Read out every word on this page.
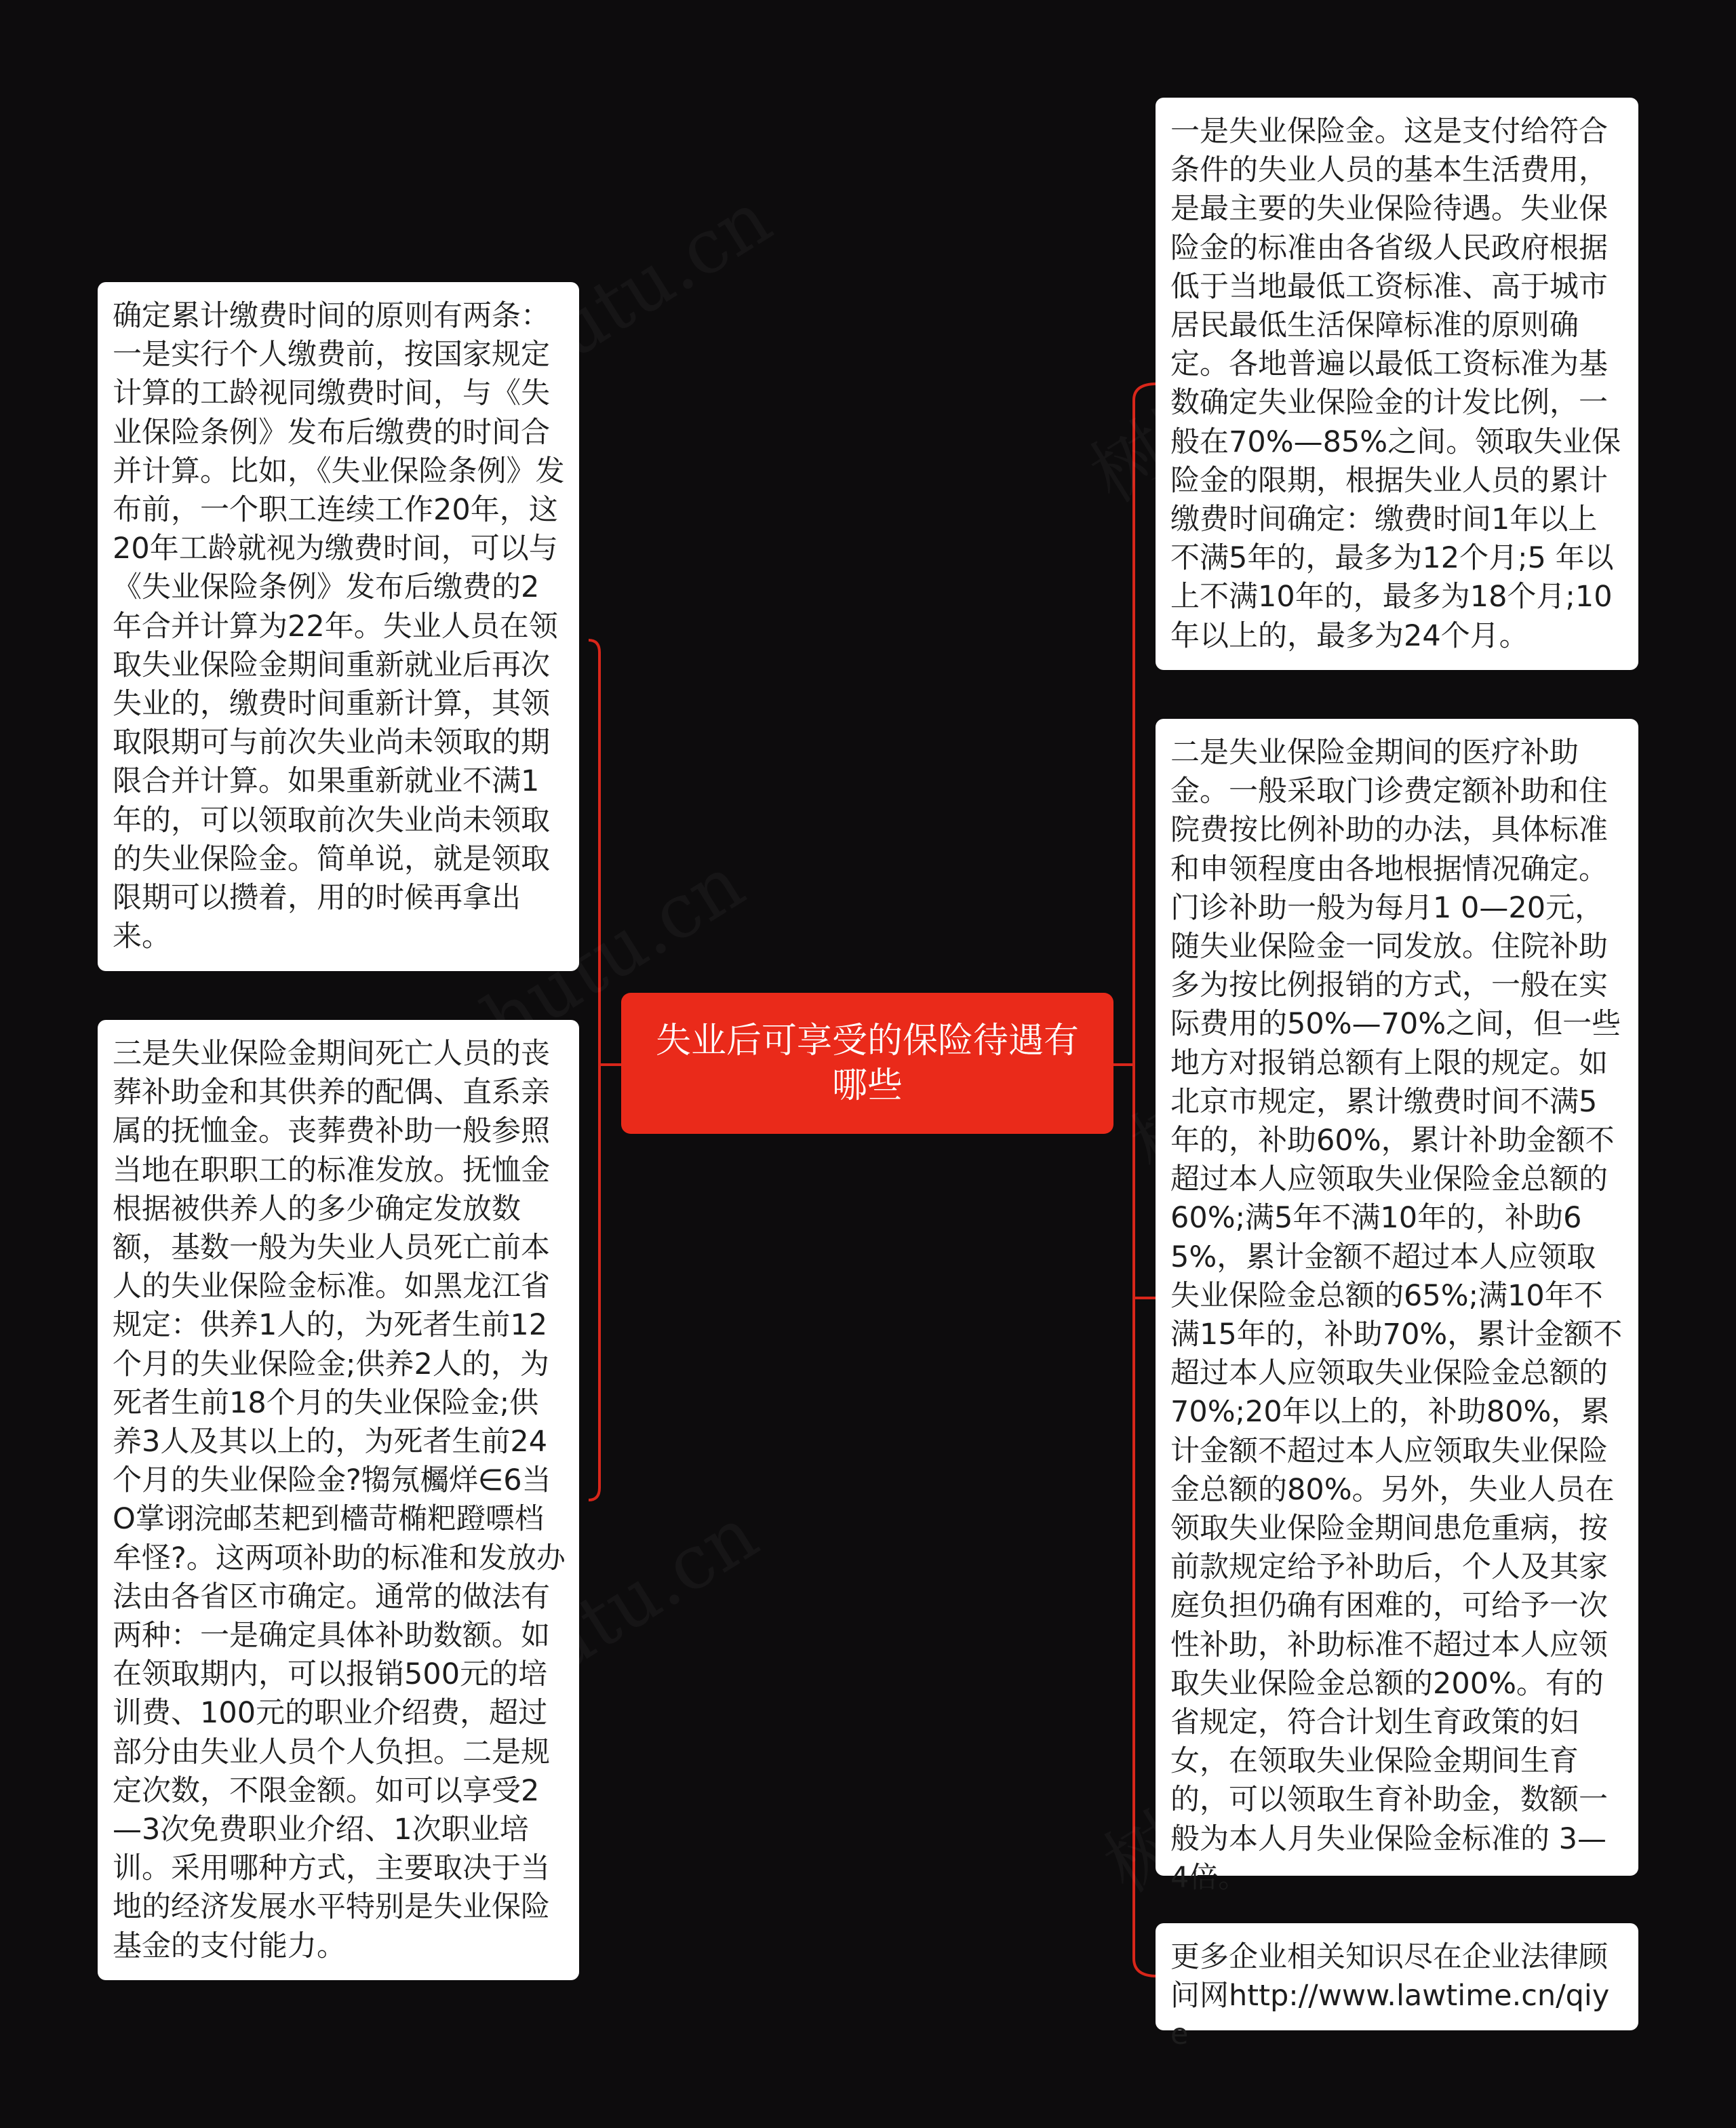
失业后可享受的保险待遇有哪些
确定累计缴费时间的原则有两条：一是实行个人缴费前，按国家规定计算的工龄视同缴费时间，与《失业保险条例》发布后缴费的时间合并计算。比如，《失业保险条例》发布前，一个职工连续工作20年，这20年工龄就视为缴费时间，可以与《失业保险条例》发布后缴费的2年合并计算为22年。失业人员在领取失业保险金期间重新就业后再次失业的，缴费时间重新计算，其领取限期可与前次失业尚未领取的期限合并计算。如果重新就业不满1年的，可以领取前次失业尚未领取的失业保险金。简单说，就是领取限期可以攒着，用的时候再拿出来。
三是失业保险金期间死亡人员的丧葬补助金和其供养的配偶、直系亲属的抚恤金。丧葬费补助一般参照当地在职职工的标准发放。抚恤金根据被供养人的多少确定发放数额，基数一般为失业人员死亡前本人的失业保险金标准。如黑龙江省规定：供养1人的，为死者生前12个月的失业保险金;供养2人的，为死者生前18个月的失业保险金;供养3人及其以上的，为死者生前24个月的失业保险金?犓氖欘烊∈6当O掌诩浣邮苤耙到檣苛椭粑蹬嘌档牟怪?。这两项补助的标准和发放办法由各省区市确定。通常的做法有两种：一是确定具体补助数额。如在领取期内，可以报销500元的培训费、100元的职业介绍费，超过部分由失业人员个人负担。二是规定次数，不限金额。如可以享受2—3次免费职业介绍、1次职业培训。采用哪种方式，主要取决于当地的经济发展水平特别是失业保险基金的支付能力。
一是失业保险金。这是支付给符合条件的失业人员的基本生活费用，是最主要的失业保险待遇。失业保险金的标准由各省级人民政府根据低于当地最低工资标准、高于城市居民最低生活保障标准的原则确定。各地普遍以最低工资标准为基数确定失业保险金的计发比例，一般在70%—85%之间。领取失业保险金的限期，根据失业人员的累计缴费时间确定：缴费时间1年以上不满5年的，最多为12个月;5 年以上不满10年的，最多为18个月;10年以上的，最多为24个月。
二是失业保险金期间的医疗补助金。一般采取门诊费定额补助和住院费按比例补助的办法，具体标准和申领程度由各地根据情况确定。门诊补助一般为每月1 0—20元，随失业保险金一同发放。住院补助多为按比例报销的方式，一般在实际费用的50%—70%之间，但一些地方对报销总额有上限的规定。如北京市规定，累计缴费时间不满5年的，补助60%，累计补助金额不超过本人应领取失业保险金总额的60%;满5年不满10年的，补助65%，累计金额不超过本人应领取失业保险金总额的65%;满10年不满15年的，补助70%，累计金额不超过本人应领取失业保险金总额的70%;20年以上的，补助80%，累计金额不超过本人应领取失业保险金总额的80%。另外，失业人员在领取失业保险金期间患危重病，按前款规定给予补助后，个人及其家庭负担仍确有困难的，可给予一次性补助，补助标准不超过本人应领取失业保险金总额的200%。有的省规定，符合计划生育政策的妇女，在领取失业保险金期间生育的，可以领取生育补助金，数额一般为本人月失业保险金标准的 3—4倍。
更多企业相关知识尽在企业法律顾问网http://www.lawtime.cn/qiye
